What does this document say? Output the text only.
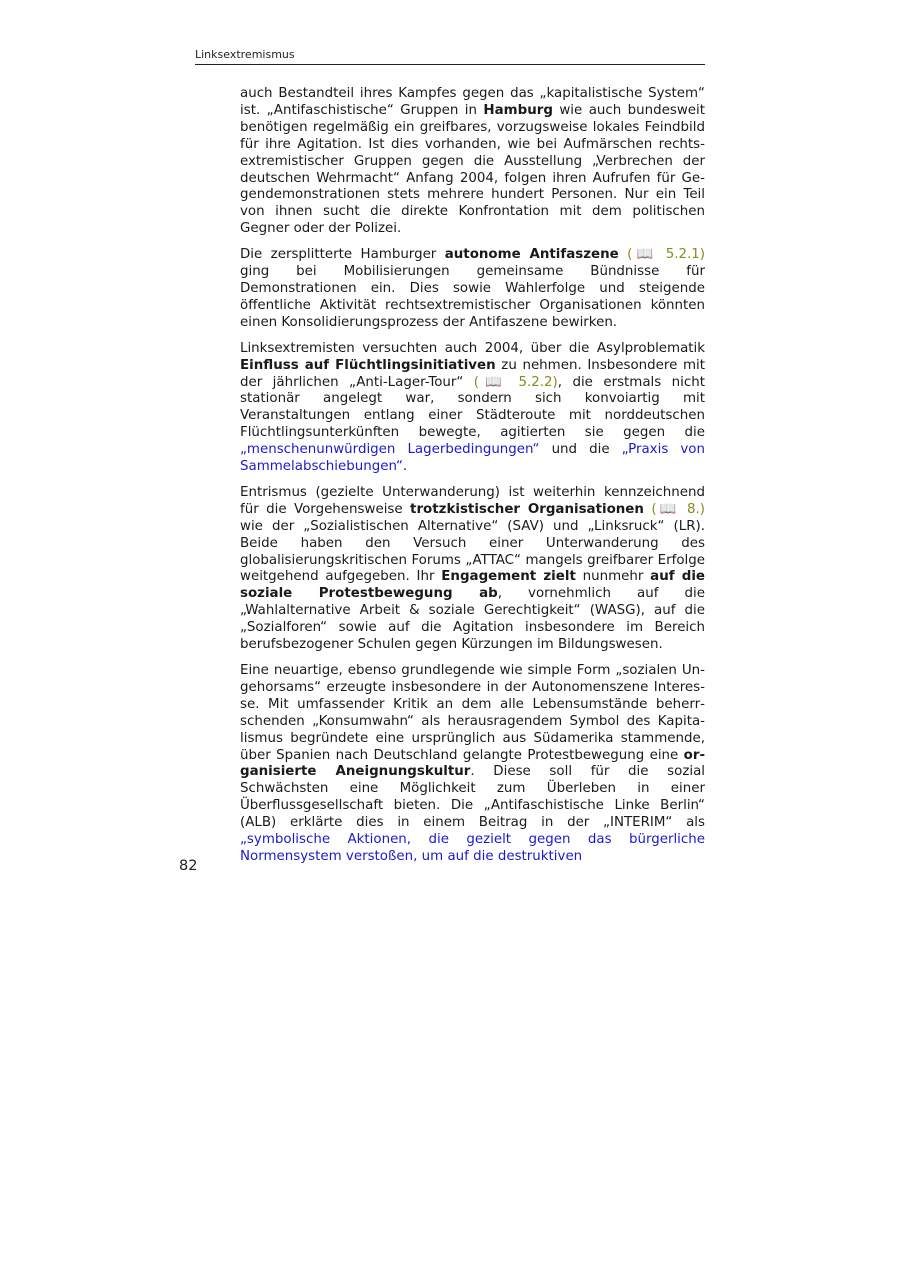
Linksextremismus

auch Bestandteil ihres Kampfes gegen das „kapitalistische System“ ist. „Antifaschistische“ Gruppen in Hamburg wie auch bundesweit benötigen regelmäßig ein greifbares, vorzugsweise lokales Feindbild für ihre Agitation. Ist dies vorhanden, wie bei Aufmärschen rechtsextremistischer Gruppen gegen die Ausstellung „Verbrechen der deutschen Wehrmacht“ Anfang 2004, folgen ihren Aufrufen für Gegendemonstrationen stets mehrere hundert Personen. Nur ein Teil von ihnen sucht die direkte Konfrontation mit dem politischen Gegner oder der Polizei.

Die zersplitterte Hamburger autonome Antifaszene (📖 5.2.1) ging bei Mobilisierungen gemeinsame Bündnisse für Demonstrationen ein. Dies sowie Wahlerfolge und steigende öffentliche Aktivität rechtsextremistischer Organisationen könnten einen Konsolidierungsprozess der Antifaszene bewirken.

Linksextremisten versuchten auch 2004, über die Asylproblematik Einfluss auf Flüchtlingsinitiativen zu nehmen. Insbesondere mit der jährlichen „Anti-Lager-Tour“ (📖 5.2.2), die erstmals nicht stationär angelegt war, sondern sich konvoiartig mit Veranstaltungen entlang einer Städteroute mit norddeutschen Flüchtlingsunterkünften bewegte, agitierten sie gegen die „menschenunwürdigen Lagerbedingungen“ und die „Praxis von Sammelabschiebungen“.

Entrismus (gezielte Unterwanderung) ist weiterhin kennzeichnend für die Vorgehensweise trotzkistischer Organisationen (📖 8.) wie der „Sozialistischen Alternative“ (SAV) und „Linksruck“ (LR). Beide haben den Versuch einer Unterwanderung des globalisierungskritischen Forums „ATTAC“ mangels greifbarer Erfolge weitgehend aufgegeben. Ihr Engagement zielt nunmehr auf die soziale Protestbewegung ab, vornehmlich auf die „Wahlalternative Arbeit & soziale Gerechtigkeit“ (WASG), auf die „Sozialforen“ sowie auf die Agitation insbesondere im Bereich berufsbezogener Schulen gegen Kürzungen im Bildungswesen.

Eine neuartige, ebenso grundlegende wie simple Form „sozialen Ungehorsams“ erzeugte insbesondere in der Autonomenszene Interesse. Mit umfassender Kritik an dem alle Lebensumstände beherrschenden „Konsumwahn“ als herausragendem Symbol des Kapitalismus begründete eine ursprünglich aus Südamerika stammende, über Spanien nach Deutschland gelangte Protestbewegung eine organisierte Aneignungskultur. Diese soll für die sozial Schwächsten eine Möglichkeit zum Überleben in einer Überflussgesellschaft bieten. Die „Antifaschistische Linke Berlin“ (ALB) erklärte dies in einem Beitrag in der „INTERIM“ als „symbolische Aktionen, die gezielt gegen das bürgerliche Normensystem verstoßen, um auf die destruktiven

82
